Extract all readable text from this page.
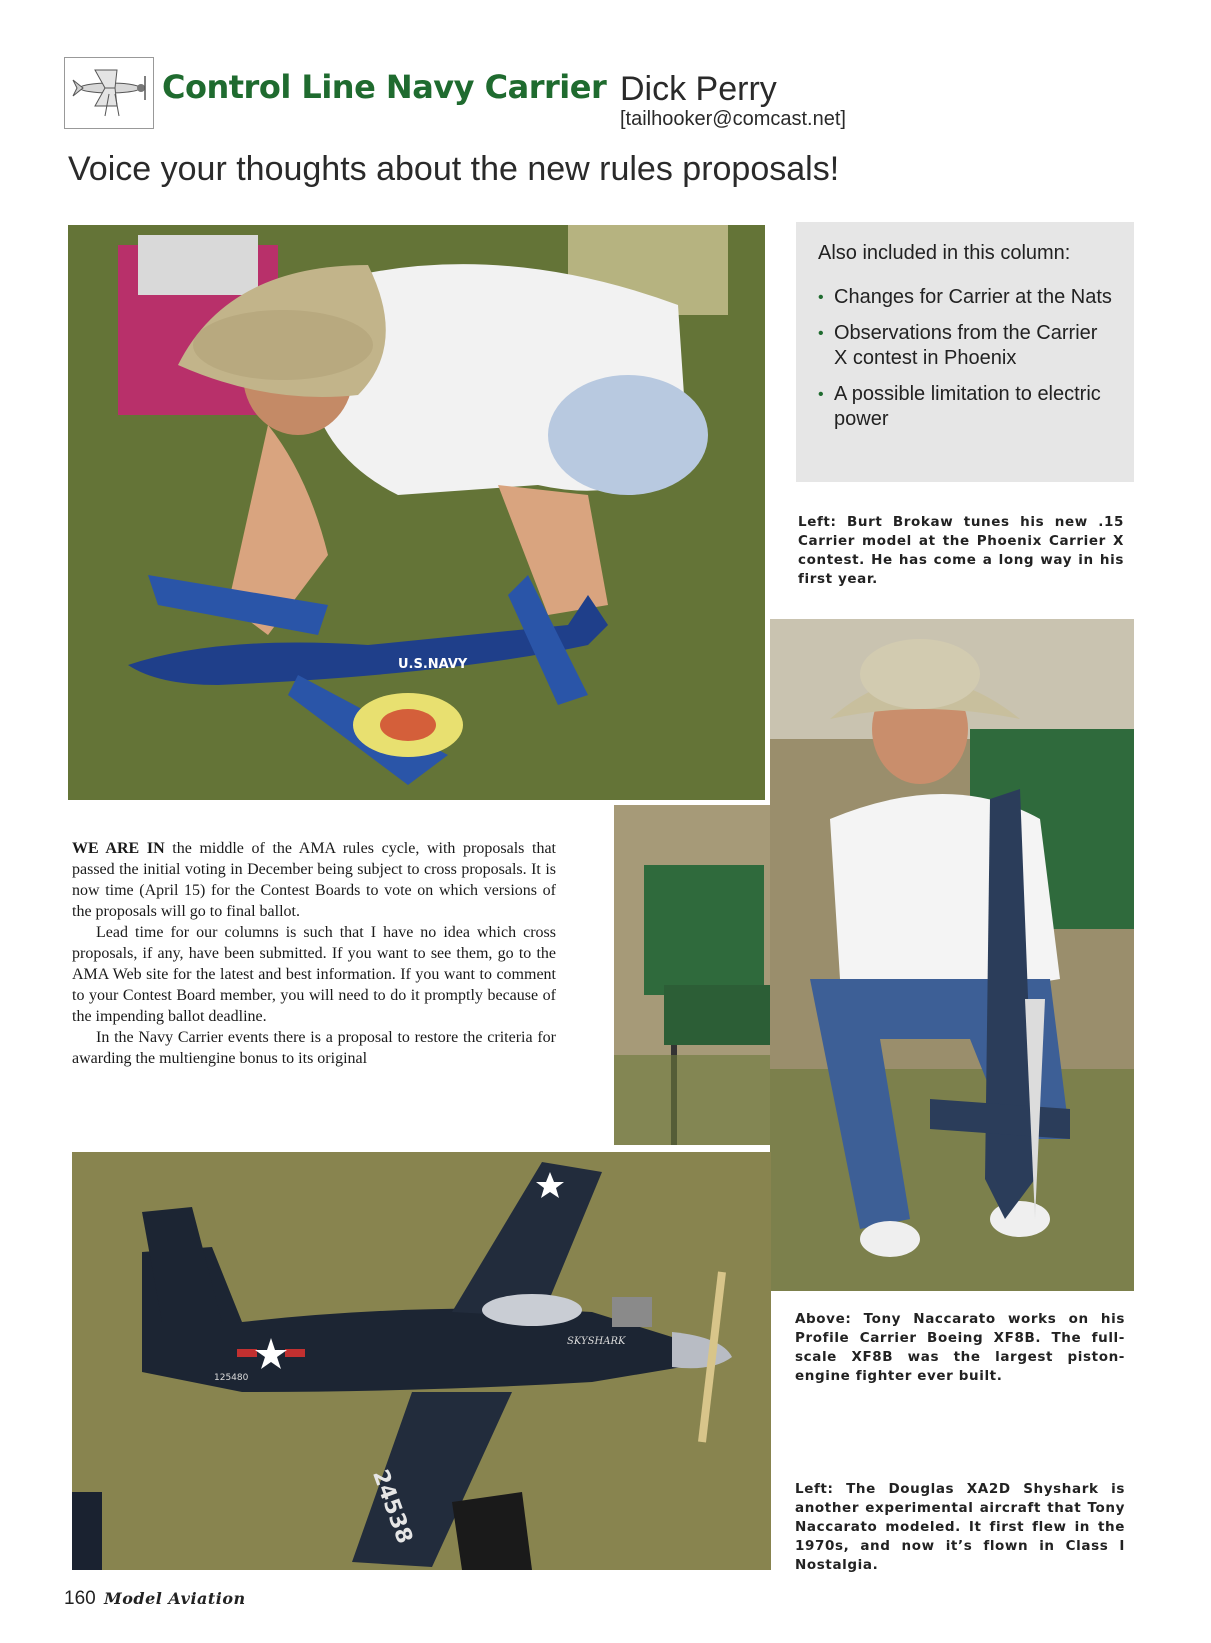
Control Line Navy Carrier Dick Perry
[tailhooker@comcast.net]
Voice your thoughts about the new rules proposals!
U.S.NAVY
Also included in this column:
• Changes for Carrier at the Nats
• Observations from the Carrier X contest in Phoenix
• A possible limitation to electric power
Left: Burt Brokaw tunes his new .15 Carrier model at the Phoenix Carrier X contest. He has come a long way in his first year.

WE ARE IN the middle of the AMA rules cycle, with proposals that passed the initial voting in December being subject to cross proposals. It is now time (April 15) for the Contest Boards to vote on which versions of the proposals will go to final ballot.

Lead time for our columns is such that I have no idea which cross proposals, if any, have been submitted. If you want to see them, go to the AMA Web site for the latest and best information. If you want to comment to your Contest Board member, you will need to do it promptly because of the impending ballot deadline.

In the Navy Carrier events there is a proposal to restore the criteria for awarding the multiengine bonus to its original

SKYSHARK
125480
24538
Above: Tony Naccarato works on his Profile Carrier Boeing XF8B. The full-scale XF8B was the largest piston-engine fighter ever built.
Left: The Douglas XA2D Shyshark is another experimental aircraft that Tony Naccarato modeled. It first flew in the 1970s, and now it’s flown in Class I Nostalgia.
160 Model Aviation
